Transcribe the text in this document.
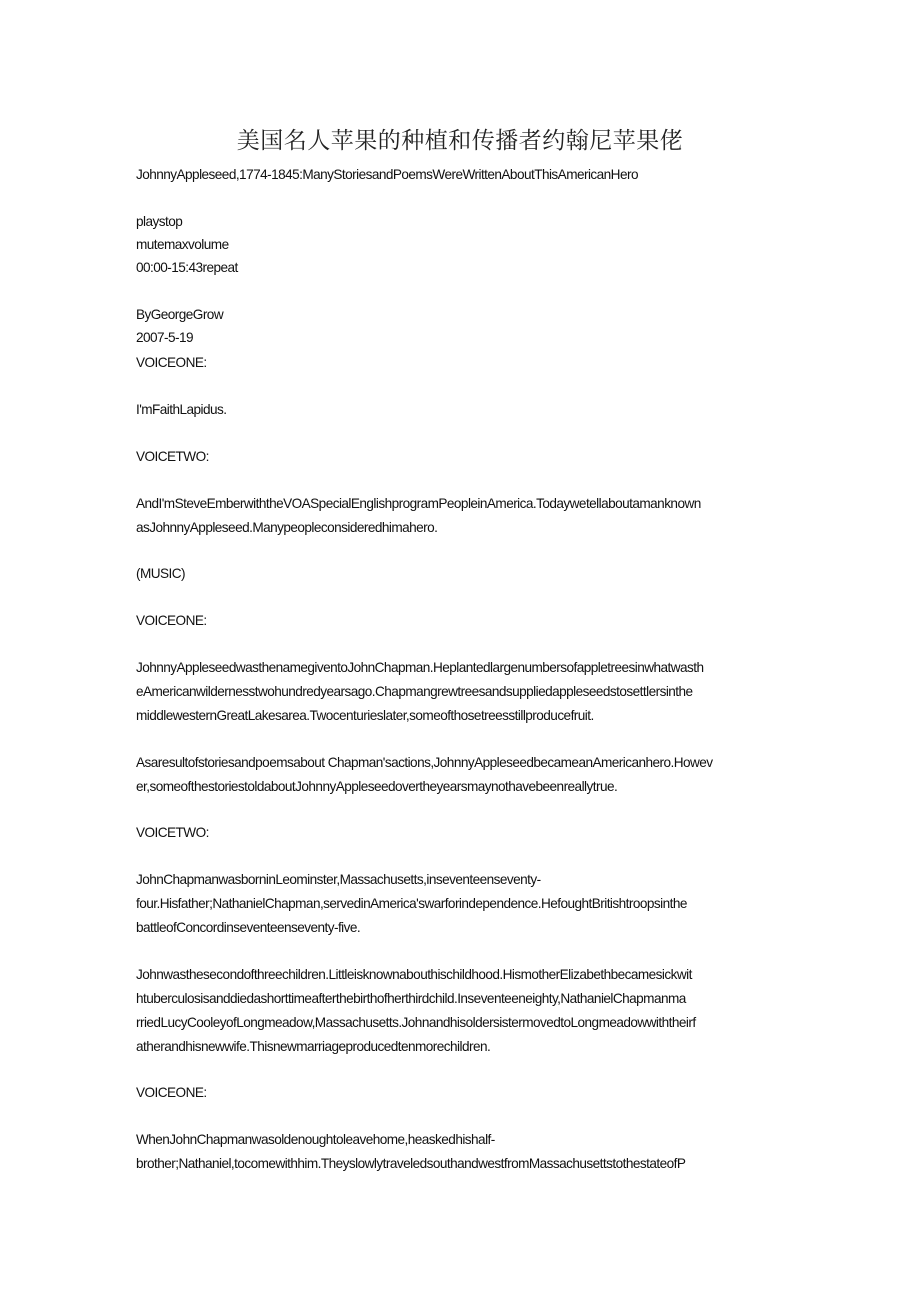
美国名人苹果的种植和传播者约翰尼苹果佬
JohnnyAppleseed,1774-1845:ManyStoriesandPoemsWereWrittenAboutThisAmericanHero
playstop
mutemaxvolume
00:00-15:43repeat
ByGeorgeGrow
2007-5-19
VOICEONE:
I'mFaithLapidus.
VOICETWO:
AndI'mSteveEmberwiththeVOASpecialEnglishprogramPeopleinAmerica.Todaywetellaboutamanknown
asJohnnyAppleseed.Manypeopleconsideredhimahero.
(MUSIC)
VOICEONE:
JohnnyAppleseedwasthenamegiventoJohnChapman.Heplantedlargenumbersofappletreesinwhatwasth
eAmericanwildernesstwohundredyearsago.Chapmangrewtreesandsuppliedappleseedstosettlersinthe
middlewesternGreatLakesarea.Twocenturieslater,someofthosetreesstillproducefruit.
Asaresultofstoriesandpoemsabout Chapman'sactions,JohnnyAppleseedbecameanAmericanhero.Howev
er,someofthestoriestoldaboutJohnnyAppleseedovertheyearsmaynothavebeenreallytrue.
VOICETWO:
JohnChapmanwasborninLeominster,Massachusetts,inseventeenseventy-
four.Hisfather;NathanielChapman,servedinAmerica'swarforindependence.HefoughtBritishtroopsinthe
battleofConcordinseventeenseventy-five.
Johnwasthesecondofthreechildren.Littleisknownabouthischildhood.HismotherElizabethbecamesickwit
htuberculosisanddiedashorttimeafterthebirthofherthirdchild.Inseventeeneighty,NathanielChapmanma
rriedLucyCooleyofLongmeadow,Massachusetts.JohnandhisoldersistermovedtoLongmeadowwiththeirf
atherandhisnewwife.Thisnewmarriageproducedtenmorechildren.
VOICEONE:
WhenJohnChapmanwasoldenoughtoleavehome,heaskedhishalf-
brother;Nathaniel,tocomewithhim.TheyslowlytraveledsouthandwestfromMassachusettstothestateofP
